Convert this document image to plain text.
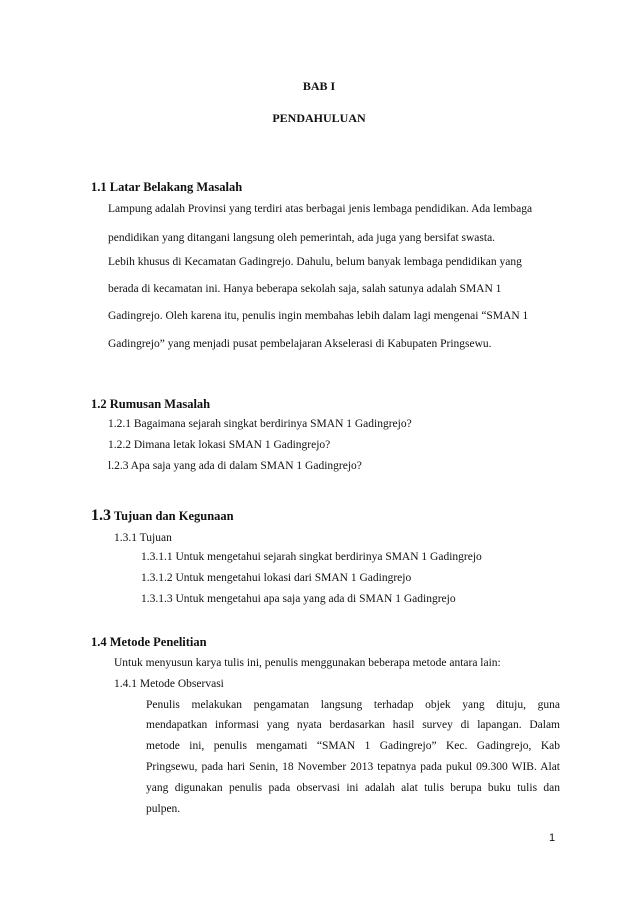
BAB I
PENDAHULUAN
1.1 Latar Belakang Masalah
Lampung adalah Provinsi yang terdiri atas berbagai jenis lembaga pendidikan. Ada lembaga
pendidikan yang ditangani langsung oleh pemerintah, ada juga yang bersifat swasta.
Lebih khusus di Kecamatan Gadingrejo. Dahulu, belum banyak lembaga pendidikan yang
berada di kecamatan ini. Hanya beberapa sekolah saja, salah satunya adalah SMAN 1
Gadingrejo. Oleh karena itu, penulis ingin membahas lebih dalam lagi mengenai “SMAN 1
Gadingrejo” yang menjadi pusat pembelajaran Akselerasi di Kabupaten Pringsewu.
1.2 Rumusan Masalah
1.2.1 Bagaimana sejarah singkat berdirinya SMAN 1 Gadingrejo?
1.2.2 Dimana letak lokasi SMAN 1 Gadingrejo?
l.2.3 Apa saja yang ada di dalam SMAN 1 Gadingrejo?
1.3 Tujuan dan Kegunaan
1.3.1 Tujuan
1.3.1.1 Untuk mengetahui sejarah singkat berdirinya SMAN 1 Gadingrejo
1.3.1.2 Untuk mengetahui lokasi dari SMAN 1 Gadingrejo
1.3.1.3 Untuk mengetahui apa saja yang ada di SMAN 1 Gadingrejo
1.4 Metode Penelitian
Untuk menyusun karya tulis ini, penulis menggunakan beberapa metode antara lain:
1.4.1 Metode Observasi
Penulis melakukan pengamatan langsung terhadap objek yang dituju, guna
mendapatkan informasi yang nyata berdasarkan hasil survey di lapangan. Dalam
metode ini, penulis mengamati “SMAN 1 Gadingrejo” Kec. Gadingrejo, Kab
Pringsewu, pada hari Senin, 18 November 2013 tepatnya pada pukul 09.300 WIB. Alat
yang digunakan penulis pada observasi ini adalah alat tulis berupa buku tulis dan
pulpen.
1
